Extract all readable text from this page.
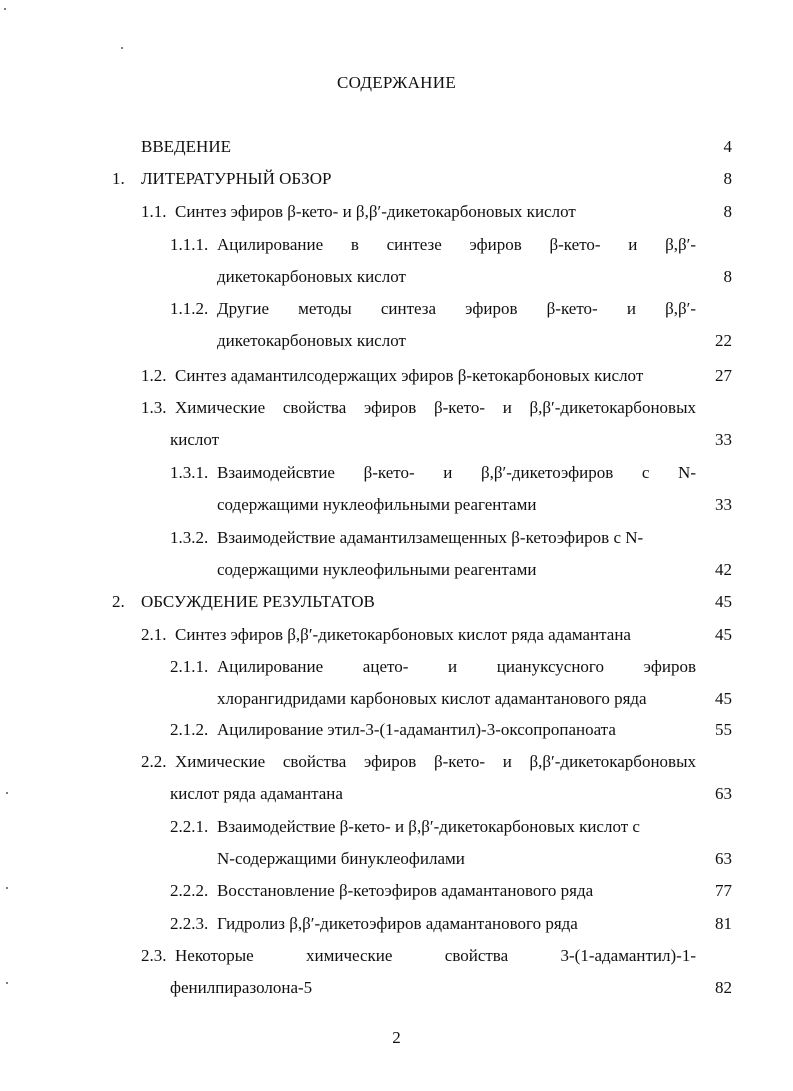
СОДЕРЖАНИЕ
ВВЕДЕНИЕ	4
1. ЛИТЕРАТУРНЫЙ ОБЗОР	8
1.1. Синтез эфиров β-кето- и β,β′-дикетокарбоновых кислот	8
1.1.1. Ацилирование в синтезе эфиров β-кето- и β,β′-
дикетокарбоновых кислот	8
1.1.2. Другие методы синтеза эфиров β-кето- и β,β′-
дикетокарбоновых кислот	22
1.2. Синтез адамантилсодержащих эфиров β-кетокарбоновых кислот	27
1.3. Химические свойства эфиров β-кето- и β,β′-дикетокарбоновых
кислот	33
1.3.1. Взаимодейсвтие β-кето- и β,β′-дикетоэфиров с N-
содержащими нуклеофильными реагентами	33
1.3.2. Взаимодействие адамантилзамещенных β-кетоэфиров с N-
содержащими нуклеофильными реагентами	42
2. ОБСУЖДЕНИЕ РЕЗУЛЬТАТОВ	45
2.1. Синтез эфиров β,β′-дикетокарбоновых кислот ряда адамантана	45
2.1.1. Ацилирование ацето- и циануксусного эфиров
хлорангидридами карбоновых кислот адамантанового ряда	45
2.1.2. Ацилирование этил-3-(1-адамантил)-3-оксопропаноата	55
2.2. Химические свойства эфиров β-кето- и β,β′-дикетокарбоновых
кислот ряда адамантана	63
2.2.1. Взаимодействие β-кето- и β,β′-дикетокарбоновых кислот с
N-содержащими бинуклеофилами	63
2.2.2. Восстановление β-кетоэфиров адамантанового ряда	77
2.2.3. Гидролиз β,β′-дикетоэфиров адамантанового ряда	81
2.3. Некоторые химические свойства 3-(1-адамантил)-1-
фенилпиразолона-5	82
2
